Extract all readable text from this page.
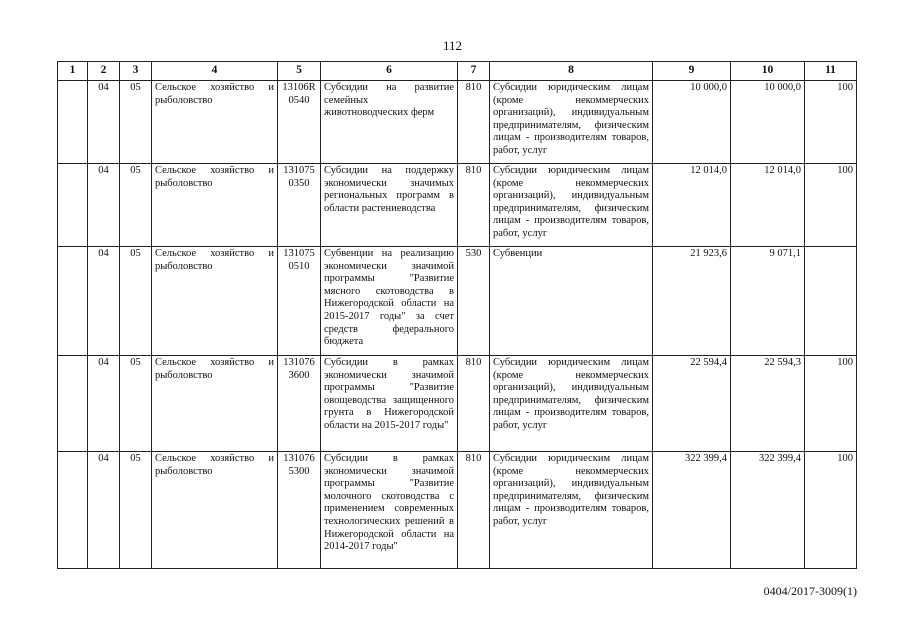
112
1	2	3	4	5	6	7	8	9	10	11
	04	05	Сельское хозяйство и рыболовство	13106R 0540	Субсидии на развитие семейных животноводческих ферм	810	Субсидии юридическим лицам (кроме некоммерческих организаций), индивидуальным предпринимателям, физическим лицам - производителям товаров, работ, услуг	10 000,0	10 000,0	100
	04	05	Сельское хозяйство и рыболовство	131075 0350	Субсидии на поддержку экономически значимых региональных программ в области растениеводства	810	Субсидии юридическим лицам (кроме некоммерческих организаций), индивидуальным предпринимателям, физическим лицам - производителям товаров, работ, услуг	12 014,0	12 014,0	100
	04	05	Сельское хозяйство и рыболовство	131075 0510	Субвенции на реализацию экономически значимой программы "Развитие мясного скотоводства в Нижегородской области на 2015-2017 годы" за счет средств федерального бюджета	530	Субвенции	21 923,6	9 071,1	
	04	05	Сельское хозяйство и рыболовство	131076 3600	Субсидии в рамках экономически значимой программы "Развитие овощеводства защищенного грунта в Нижегородской области на 2015-2017 годы"	810	Субсидии юридическим лицам (кроме некоммерческих организаций), индивидуальным предпринимателям, физическим лицам - производителям товаров, работ, услуг	22 594,4	22 594,3	100
	04	05	Сельское хозяйство и рыболовство	131076 5300	Субсидии в рамках экономически значимой программы "Развитие молочного скотоводства с применением современных технологических решений в Нижегородской области на 2014-2017 годы"	810	Субсидии юридическим лицам (кроме некоммерческих организаций), индивидуальным предпринимателям, физическим лицам - производителям товаров, работ, услуг	322 399,4	322 399,4	100
0404/2017-3009(1)
